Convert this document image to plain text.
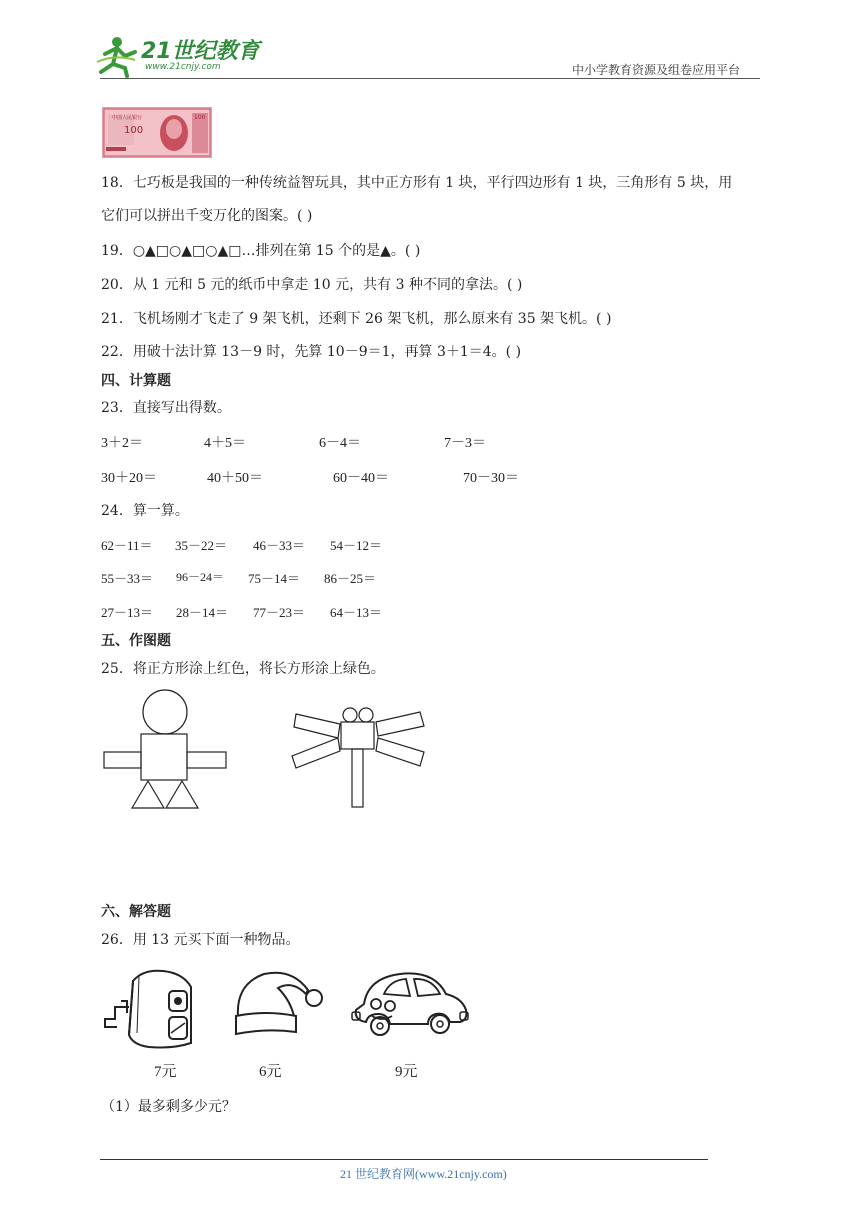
21世纪教育
www.21cnjy.com	中小学教育资源及组卷应用平台
100
中国人民银行	100
18．七巧板是我国的一种传统益智玩具，其中正方形有 1 块，平行四边形有 1 块，三角形有 5 块，用
它们可以拼出千变万化的图案。( )
19．○▲□○▲□○▲□…排列在第 15 个的是▲。( )
20．从 1 元和 5 元的纸币中拿走 10 元，共有 3 种不同的拿法。( )
21．飞机场刚才飞走了 9 架飞机，还剩下 26 架飞机，那么原来有 35 架飞机。( )
22．用破十法计算 13－9 时，先算 10－9＝1，再算 3＋1＝4。( )
四、计算题
23．直接写出得数。
3＋2＝	4＋5＝	6－4＝	7－3＝
30＋20＝	40＋50＝	60－40＝	70－30＝
24．算一算。
62－11＝ 35－22＝ 46－33＝ 54－12＝
55－33＝ 96－24＝ 75－14＝ 86－25＝
27－13＝ 28－14＝ 77－23＝ 64－13＝
五、作图题
25．将正方形涂上红色，将长方形涂上绿色。
六、解答题
26．用 13 元买下面一种物品。
7元	6元	9元
（1）最多剩多少元？
21 世纪教育网(www.21cnjy.com)
